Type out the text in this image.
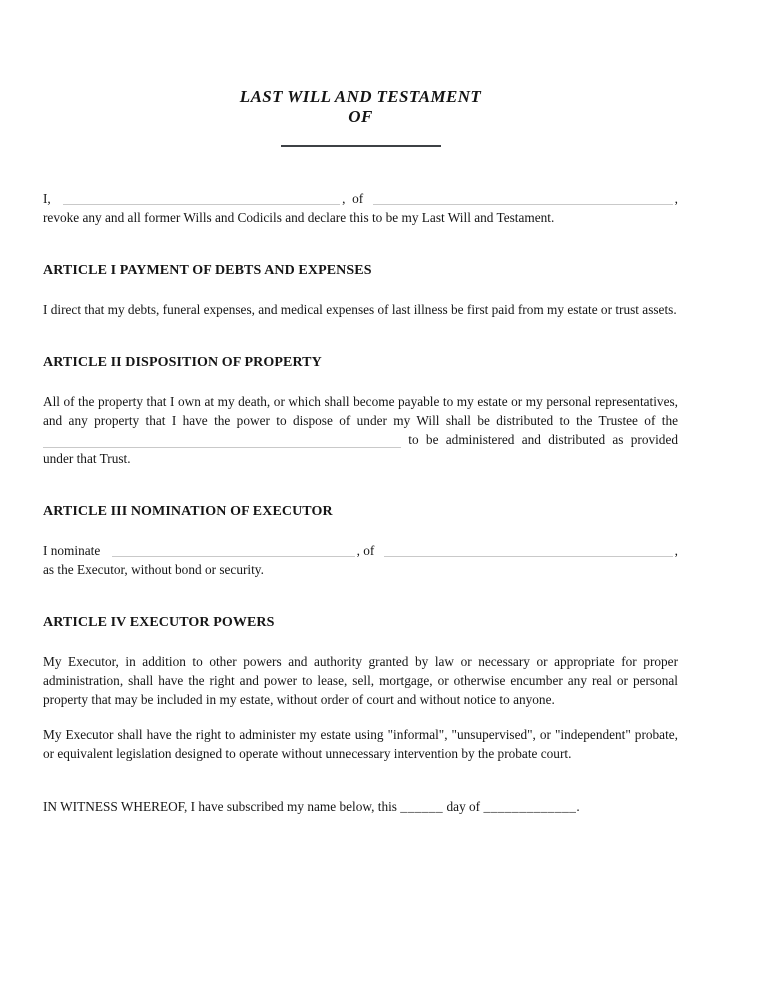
LAST WILL AND TESTAMENT
OF
I,	,  of	,
revoke any and all former Wills and Codicils and declare this to be my Last Will and Testament.
ARTICLE I PAYMENT OF DEBTS AND EXPENSES

I direct that my debts, funeral expenses, and medical expenses of last illness be first paid from my estate or trust assets.

ARTICLE II DISPOSITION OF PROPERTY

All of the property that I own at my death, or which shall become payable to my estate or my personal representatives, and any property that I have the power to dispose of under my Will shall be distributed to the Trustee of the  to be administered and distributed as provided under that Trust.

ARTICLE III NOMINATION OF EXECUTOR
I nominate	, of	,
as the Executor, without bond or security.
ARTICLE IV EXECUTOR POWERS

My Executor, in addition to other powers and authority granted by law or necessary or appropriate for proper administration, shall have the right and power to lease, sell, mortgage, or otherwise encumber any real or personal property that may be included in my estate, without order of court and without notice to anyone.

My Executor shall have the right to administer my estate using "informal", "unsupervised", or "independent" probate, or equivalent legislation designed to operate without unnecessary intervention by the probate court.

IN WITNESS WHEREOF, I have subscribed my name below, this ______ day of _____________.
